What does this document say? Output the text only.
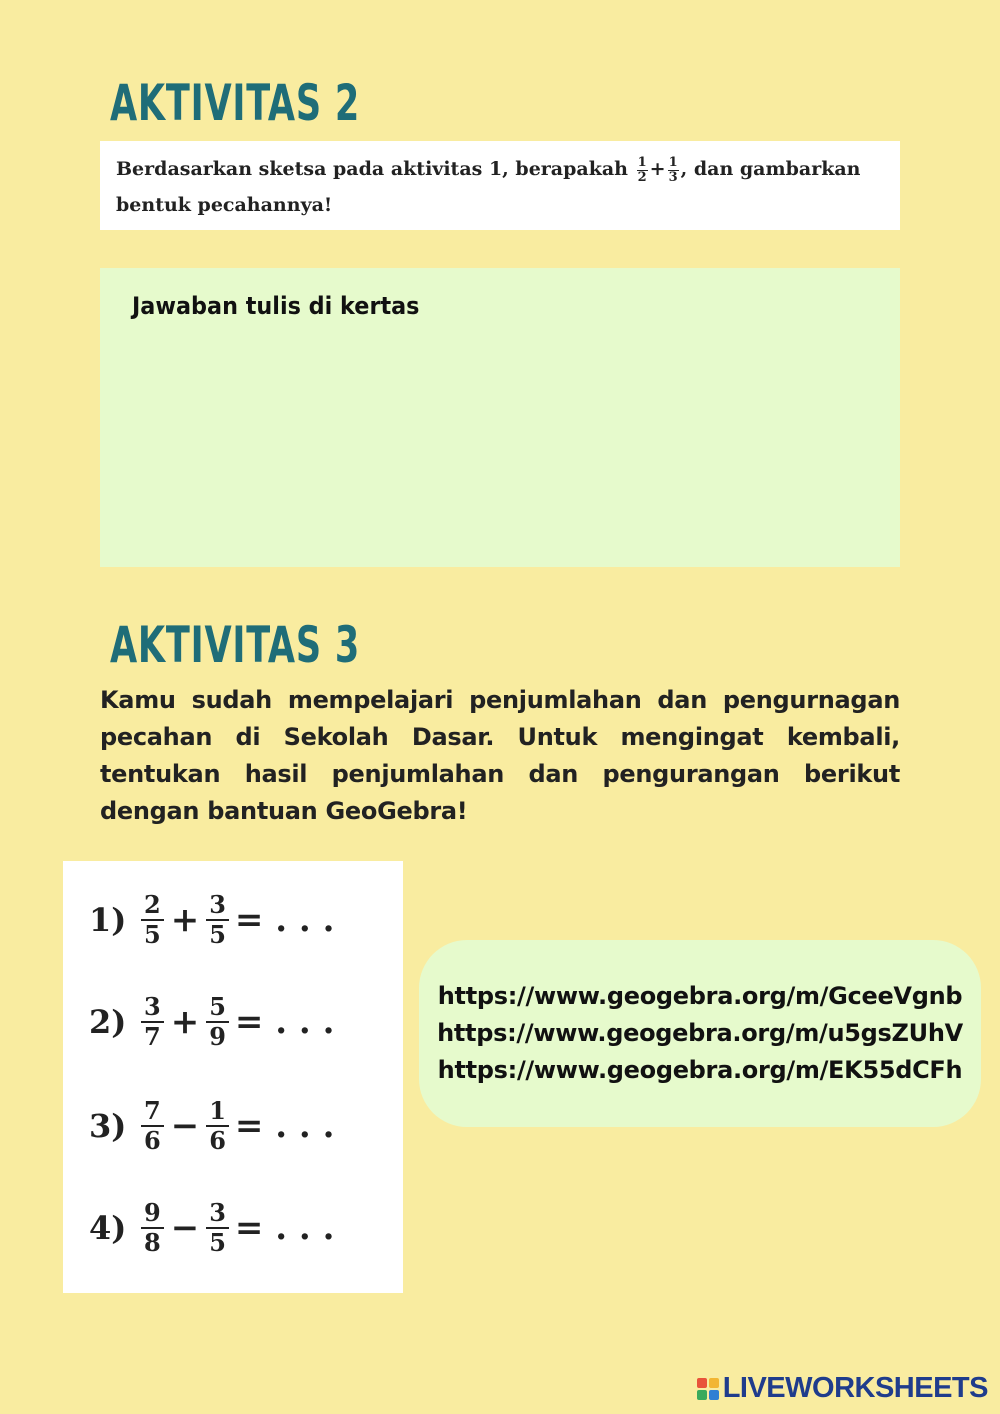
AKTIVITAS 2
Berdasarkan sketsa pada aktivitas 1, berapakah $\frac{1}{2} + \frac{1}{3}$ , dan gambarkan
bentuk pecahannya!
Jawaban tulis di kertas
AKTIVITAS 3

Kamu sudah mempelajari penjumlahan dan pengurnagan pecahan di Sekolah Dasar. Untuk mengingat kembali, tentukan hasil penjumlahan dan pengurangan berikut dengan bantuan GeoGebra!

$1) \frac{2}{5} + \frac{3}{5}$ = . . .
$2) \frac{3}{7} + \frac{5}{9}$ = . . .
$3) \frac{7}{6} - \frac{1}{6}$ = . . .
$4) \frac{9}{8} - \frac{3}{5}$ = . . .
https://www.geogebra.org/m/GceeVgnb
https://www.geogebra.org/m/u5gsZUhV
https://www.geogebra.org/m/EK55dCFh
LIVEWORKSHEETS
